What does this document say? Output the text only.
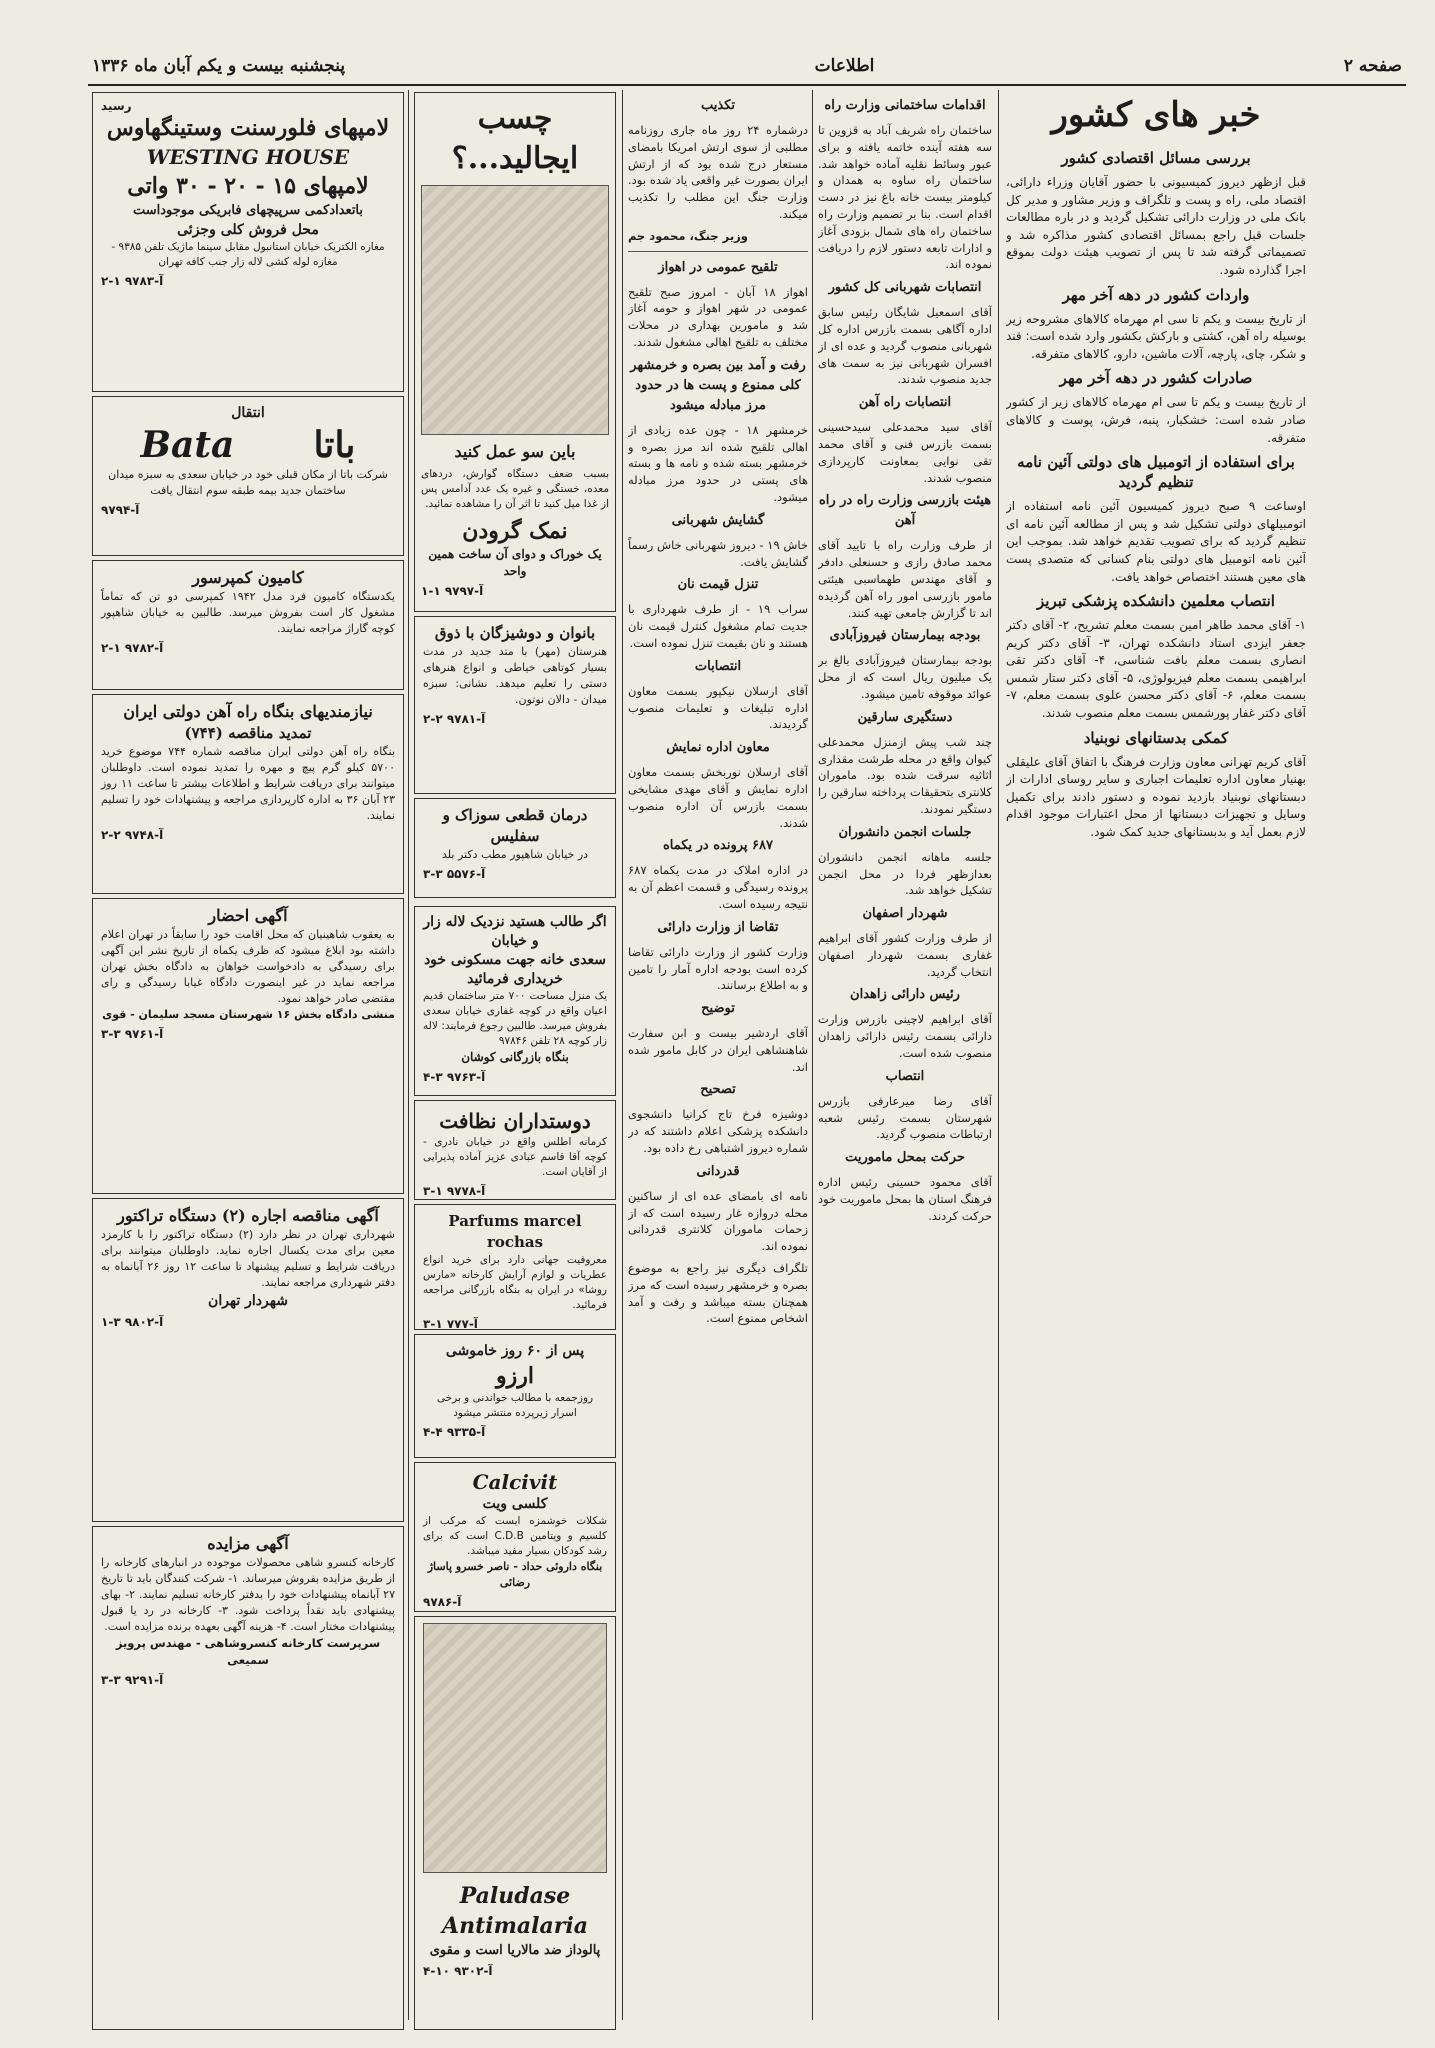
صفحه ۲
اطلاعات
پنجشنبه بیست و یکم آبان ماه ۱۳۳۶
خبر های کشور
بررسی مسائل اقتصادی کشور

قبل ازظهر دیروز کمیسیونی با حضور آقایان وزراء دارائی، اقتصاد ملی، راه و پست و تلگراف و وزیر مشاور و مدیر کل بانک ملی در وزارت دارائی تشکیل گردید و در باره مطالعات جلسات قبل راجع بمسائل اقتصادی کشور مذاکره شد و تصمیماتی گرفته شد تا پس از تصویب هیئت دولت بموقع اجرا گذارده شود.

واردات کشور در دهه آخر مهر

از تاریخ بیست و یکم تا سی ام مهرماه کالاهای مشروحه زیر بوسیله راه آهن، کشتی و بارکش بکشور وارد شده است: قند و شکر، چای، پارچه، آلات ماشین، دارو، کالاهای متفرقه.

صادرات کشور در دهه آخر مهر

از تاریخ بیست و یکم تا سی ام مهرماه کالاهای زیر از کشور صادر شده است: خشکبار، پنبه، فرش، پوست و کالاهای متفرقه.

برای استفاده از اتومبیل های دولتی آئین نامه تنظیم گردید

اوساعت ۹ صبح دیروز کمیسیون آئین نامه استفاده از اتومبیلهای دولتی تشکیل شد و پس از مطالعه آئین نامه ای تنظیم گردید که برای تصویب تقدیم خواهد شد. بموجب این آئین نامه اتومبیل های دولتی بنام کسانی که متصدی پست های معین هستند اختصاص خواهد یافت.

انتصاب معلمین دانشکده پزشکی تبریز

۱- آقای محمد طاهر امین بسمت معلم تشریح، ۲- آقای دکتر جعفر ایزدی استاد دانشکده تهران، ۳- آقای دکتر کریم انصاری بسمت معلم بافت شناسی، ۴- آقای دکتر تقی ابراهیمی بسمت معلم فیزیولوژی، ۵- آقای دکتر ستار شمس بسمت معلم، ۶- آقای دکتر محسن علوی بسمت معلم، ۷- آقای دکتر غفار پورشمس بسمت معلم منصوب شدند.

کمکی بدستانهای نوبنیاد

آقای کریم تهرانی معاون وزارت فرهنگ با اتفاق آقای علیقلی بهنیار معاون اداره تعلیمات اجباری و سایر روسای ادارات از دبستانهای نوبنیاد بازدید نموده و دستور دادند برای تکمیل وسایل و تجهیزات دبستانها از محل اعتبارات موجود اقدام لازم بعمل آید و بدبستانهای جدید کمک شود.

اقدامات ساختمانی وزارت راه

ساختمان راه شریف آباد به قزوین تا سه هفته آینده خاتمه یافته و برای عبور وسائط نقلیه آماده خواهد شد. ساختمان راه ساوه به همدان و کیلومتر بیست خانه باغ نیز در دست اقدام است. بنا بر تصمیم وزارت راه ساختمان راه های شمال بزودی آغاز و ادارات تابعه دستور لازم را دریافت نموده اند.

انتصابات شهربانی کل کشور

آقای اسمعیل شایگان رئیس سابق اداره آگاهی بسمت بازرس اداره کل شهربانی منصوب گردید و عده ای از افسران شهربانی نیز به سمت های جدید منصوب شدند.

انتصابات راه آهن

آقای سید محمدعلی سیدحسینی بسمت بازرس فنی و آقای محمد تقی نوایی بمعاونت کارپردازی منصوب شدند.

هیئت بازرسی وزارت راه در راه آهن

از طرف وزارت راه با تایید آقای محمد صادق رازی و حسنعلی دادفر و آقای مهندس طهماسبی هیئتی مامور بازرسی امور راه آهن گردیده اند تا گزارش جامعی تهیه کنند.

بودجه بیمارستان فیروزآبادی

بودجه بیمارستان فیروزآبادی بالغ بر یک میلیون ریال است که از محل عوائد موقوفه تامین میشود.

دستگیری سارقین

چند شب پیش ازمنزل محمدعلی کیوان واقع در محله طرشت مقداری اثاثیه سرقت شده بود. ماموران کلانتری بتحقیقات پرداخته سارقین را دستگیر نمودند.

جلسات انجمن دانشوران

جلسه ماهانه انجمن دانشوران بعدازظهر فردا در محل انجمن تشکیل خواهد شد.

شهردار اصفهان

از طرف وزارت کشور آقای ابراهیم غفاری بسمت شهردار اصفهان انتخاب گردید.

رئیس دارائی زاهدان

آقای ابراهیم لاچینی بازرس وزارت دارائی بسمت رئیس دارائی زاهدان منصوب شده است.

انتصاب

آقای رضا میرعارفی بازرس شهرستان بسمت رئیس شعبه ارتباطات منصوب گردید.

حرکت بمحل ماموریت

آقای محمود حسینی رئیس اداره فرهنگ استان ها بمحل ماموریت خود حرکت کردند.

تکذیب

درشماره ۲۴ روز ماه جاری روزنامه مطلبی از سوی ارتش امریکا بامضای مستعار درج شده بود که از ارتش ایران بصورت غیر واقعی یاد شده بود. وزارت جنگ این مطلب را تکذیب میکند.

وزیر جنگ، محمود جم

تلقیح عمومی در اهواز

اهواز ۱۸ آبان - امروز صبح تلقیح عمومی در شهر اهواز و حومه آغاز شد و مامورین بهداری در محلات مختلف به تلقیح اهالی مشغول شدند.

رفت و آمد بین بصره و خرمشهر کلی ممنوع و پست ها در حدود مرز مبادله میشود

خرمشهر ۱۸ - چون عده زیادی از اهالی تلقیح شده اند مرز بصره و خرمشهر بسته شده و نامه ها و بسته های پستی در حدود مرز مبادله میشود.

گشایش شهربانی

خاش ۱۹ - دیروز شهربانی خاش رسماً گشایش یافت.

تنزل قیمت نان

سراب ۱۹ - از طرف شهرداری با جدیت تمام مشغول کنترل قیمت نان هستند و نان بقیمت تنزل نموده است.

انتصابات

آقای ارسلان نیکپور بسمت معاون اداره تبلیغات و تعلیمات منصوب گردیدند.

معاون اداره نمایش

آقای ارسلان نوربخش بسمت معاون اداره نمایش و آقای مهدی مشایخی بسمت بازرس آن اداره منصوب شدند.

۶۸۷ پرونده در یکماه

در اداره املاک در مدت یکماه ۶۸۷ پرونده رسیدگی و قسمت اعظم آن به نتیجه رسیده است.

تقاضا از وزارت دارائی

وزارت کشور از وزارت دارائی تقاضا کرده است بودجه اداره آمار را تامین و به اطلاع برسانند.

توضیح

آقای اردشیر بیست و ابن سفارت شاهنشاهی ایران در کابل مامور شده اند.

تصحیح

دوشیزه فرخ تاج کرانیا دانشجوی دانشکده پزشکی اعلام داشتند که در شماره دیروز اشتباهی رخ داده بود.

قدردانی

نامه ای بامضای عده ای از ساکنین محله دروازه غار رسیده است که از زحمات ماموران کلانتری قدردانی نموده اند.

تلگراف دیگری نیز راجع به موضوع بصره و خرمشهر رسیده است که مرز همچنان بسته میباشد و رفت و آمد اشخاص ممنوع است.

چسب ایجالید...؟
باین سو عمل کنید
بسبب ضعف دستگاه گوارش، دردهای معده، خستگی و غیره یک عدد آدامس پس از غذا میل کنید تا اثر آن را مشاهده نمائید.
نمک گرودن
یک خوراک و دوای آن ساخت همین واحد
آ-۹۷۹۷ ۱-۱
بانوان و دوشیزگان با ذوق
هنرستان (مهر) با متد جدید در مدت بسیار کوتاهی خیاطی و انواع هنرهای دستی را تعلیم میدهد. نشانی: سبزه میدان - دالان نوتون.
آ-۹۷۸۱ ۲-۲
درمان قطعی سوزاک و سفلیس
در خیابان شاهپور مطب دکتر بلد
آ-۵۵۷۶ ۳-۳
اگر طالب هستید نزدیک لاله زار و خیابان
سعدی خانه جهت مسکونی خود
خریداری فرمائید
یک منزل مساحت ۷۰۰ متر ساختمان قدیم اعیان واقع در کوچه غفاری خیابان سعدی بفروش میرسد. طالبین رجوع فرمایند: لاله زار کوچه ۲۸ تلفن ۹۷۸۴۶
بنگاه بازرگانی کوشان
آ-۹۷۶۳ ۳-۴
دوستداران نظافت
کرمانه اطلس واقع در خیابان نادری - کوچه آقا قاسم عبادی عزیز آماده پذیرایی از آقایان است.
آ-۹۷۷۸ ۱-۳
Parfums marcel rochas
معروفیت جهانی دارد برای خرید انواع عطریات و لوازم آرایش کارخانه «مارس روشا» در ایران به بنگاه بازرگانی مراجعه فرمائید.
آ-۷۷۷ ۱-۳
پس از ۶۰ روز خاموشی
ارزو
روزجمعه با مطالب خواندنی و برخی اسرار زیرپرده منتشر میشود
آ-۹۳۳۵ ۴-۴
Calcivit
کلسی ویت
شکلات خوشمزه ایست که مرکب از کلسیم و ویتامین C.D.B است که برای رشد کودکان بسیار مفید میباشد.
بنگاه داروئی حداد - ناصر خسرو پاساژ رضائی
آ-۹۷۸۶
Paludase
Antimalaria
پالوداز ضد مالاریا است و مقوی
آ-۹۳۰۲ ۱۰-۴
رسید
لامپهای فلورسنت وستینگهاوس
WESTING HOUSE
لامپهای ۱۵ - ۲۰ - ۳۰ واتی
باتعدادکمی سرپیچهای فابریکی موجوداست
محل فروش کلی وجزئی
مغازه الکتریک خیابان استانبول مقابل سینما ماژیک تلفن ۹۳۸۵ - مغازه لوله کشی لاله زار جنب کافه تهران
آ-۹۷۸۳ ۱-۲
انتقال
باتا
Bata
شرکت باتا از مکان قبلی خود در خیابان سعدی به سبزه میدان ساختمان جدید بیمه طبقه سوم انتقال یافت
آ-۹۷۹۴
کامیون کمپرسور
یکدستگاه کامیون فرد مدل ۱۹۴۲ کمپرسی دو تن که تماماً مشغول کار است بفروش میرسد. طالبین به خیابان شاهپور کوچه گاراژ مراجعه نمایند.
آ-۹۷۸۲ ۱-۲
نیازمندیهای بنگاه راه آهن دولتی ایران
تمدید مناقصه (۷۴۴)
بنگاه راه آهن دولتی ایران مناقصه شماره ۷۴۴ موضوع خرید ۵۷۰۰ کیلو گرم پیچ و مهره را تمدید نموده است. داوطلبان میتوانند برای دریافت شرایط و اطلاعات بیشتر تا ساعت ۱۱ روز ۲۳ آبان ۳۶ به اداره کارپردازی مراجعه و پیشنهادات خود را تسلیم نمایند.
آ-۹۷۴۸ ۲-۲
آگهی احضار
به یعقوب شاهینیان که محل اقامت خود را سابقاً در تهران اعلام داشته بود ابلاغ میشود که ظرف یکماه از تاریخ نشر این آگهی برای رسیدگی به دادخواست خواهان به دادگاه بخش تهران مراجعه نماید در غیر اینصورت دادگاه غیابا رسیدگی و رای مقتضی صادر خواهد نمود.
منشی دادگاه بخش ۱۶ شهرستان مسجد سلیمان - قوی
آ-۹۷۶۱ ۳-۳
آگهی مناقصه اجاره (۲) دستگاه تراکتور
شهرداری تهران در نظر دارد (۲) دستگاه تراکتور را با کارمزد معین برای مدت یکسال اجاره نماید. داوطلبان میتوانند برای دریافت شرایط و تسلیم پیشنهاد تا ساعت ۱۲ روز ۲۶ آبانماه به دفتر شهرداری مراجعه نمایند.
شهردار تهران
آ-۹۸۰۲ ۳-۱
آگهی مزایده
کارخانه کنسرو شاهی محصولات موجوده در انبارهای کارخانه را از طریق مزایده بفروش میرساند. ۱- شرکت کنندگان باید تا تاریخ ۲۷ آبانماه پیشنهادات خود را بدفتر کارخانه تسلیم نمایند. ۲- بهای پیشنهادی باید نقداً پرداخت شود. ۳- کارخانه در رد یا قبول پیشنهادات مختار است. ۴- هزینه آگهی بعهده برنده مزایده است.
سرپرست کارخانه کنسروشاهی - مهندس پرویز سمیعی
آ-۹۲۹۱ ۳-۳
